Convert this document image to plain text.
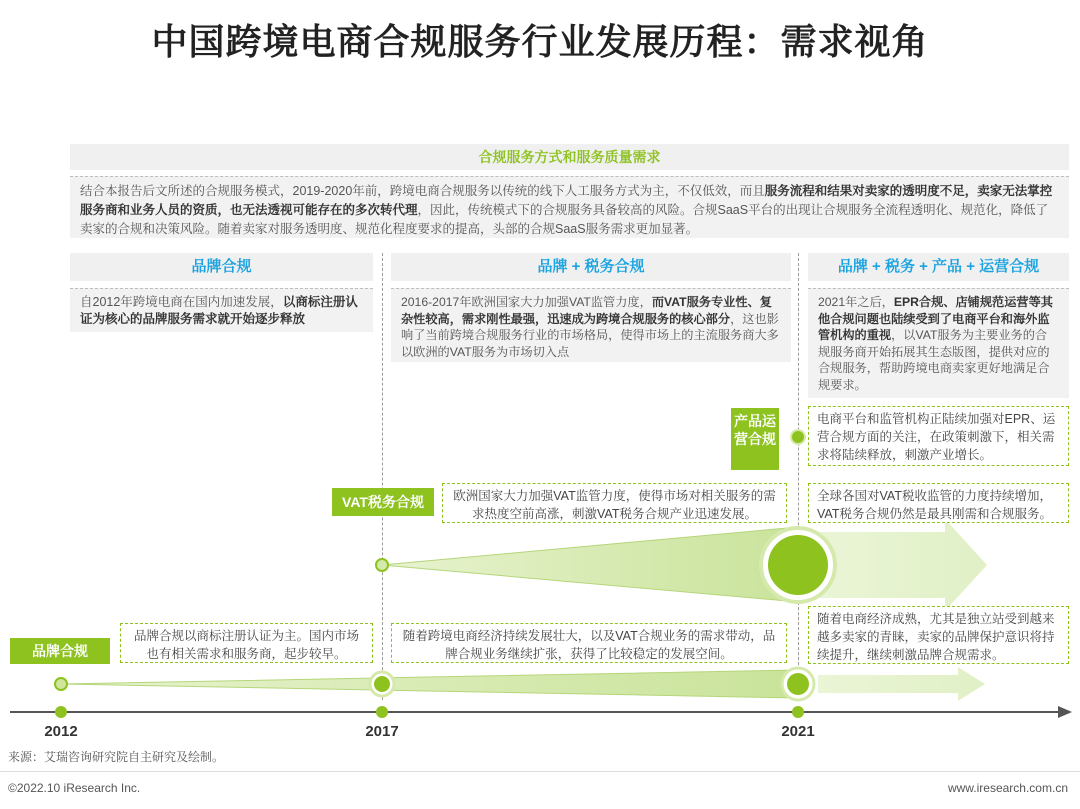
中国跨境电商合规服务行业发展历程：需求视角
合规服务方式和服务质量需求
结合本报告后文所述的合规服务模式，2019-2020年前，跨境电商合规服务以传统的线下人工服务方式为主，不仅低效，而且服务流程和结果对卖家的透明度不足，卖家无法掌控服务商和业务人员的资质，也无法透视可能存在的多次转代理，因此，传统模式下的合规服务具备较高的风险。合规SaaS平台的出现让合规服务全流程透明化、规范化，降低了卖家的合规和决策风险。随着卖家对服务透明度、规范化程度要求的提高，头部的合规SaaS服务需求更加显著。
品牌合规	品牌 + 税务合规	品牌 + 税务 + 产品 + 运营合规
自2012年跨境电商在国内加速发展，以商标注册认证为核心的品牌服务需求就开始逐步释放
2016-2017年欧洲国家大力加强VAT监管力度，而VAT服务专业性、复杂性较高，需求刚性最强，迅速成为跨境合规服务的核心部分，这也影响了当前跨境合规服务行业的市场格局，使得市场上的主流服务商大多以欧洲的VAT服务为市场切入点
2021年之后，EPR合规、店铺规范运营等其他合规问题也陆续受到了电商平台和海外监管机构的重视，以VAT服务为主要业务的合规服务商开始拓展其生态版图，提供对应的合规服务，帮助跨境电商卖家更好地满足合规要求。
品牌合规
VAT税务合规
产品运营合规
电商平台和监管机构正陆续加强对EPR、运营合规方面的关注，在政策刺激下，相关需求将陆续释放，刺激产业增长。
欧洲国家大力加强VAT监管力度，使得市场对相关服务的需求热度空前高涨，刺激VAT税务合规产业迅速发展。
全球各国对VAT税收监管的力度持续增加，VAT税务合规仍然是最具刚需和合规服务。
品牌合规以商标注册认证为主。国内市场也有相关需求和服务商，起步较早。
随着跨境电商经济持续发展壮大，以及VAT合规业务的需求带动，品牌合规业务继续扩张，获得了比较稳定的发展空间。
随着电商经济成熟，尤其是独立站受到越来越多卖家的青睐，卖家的品牌保护意识将持续提升，继续刺激品牌合规需求。
2012	2017	2021
来源：艾瑞咨询研究院自主研究及绘制。
©2022.10 iResearch Inc.	www.iresearch.com.cn
